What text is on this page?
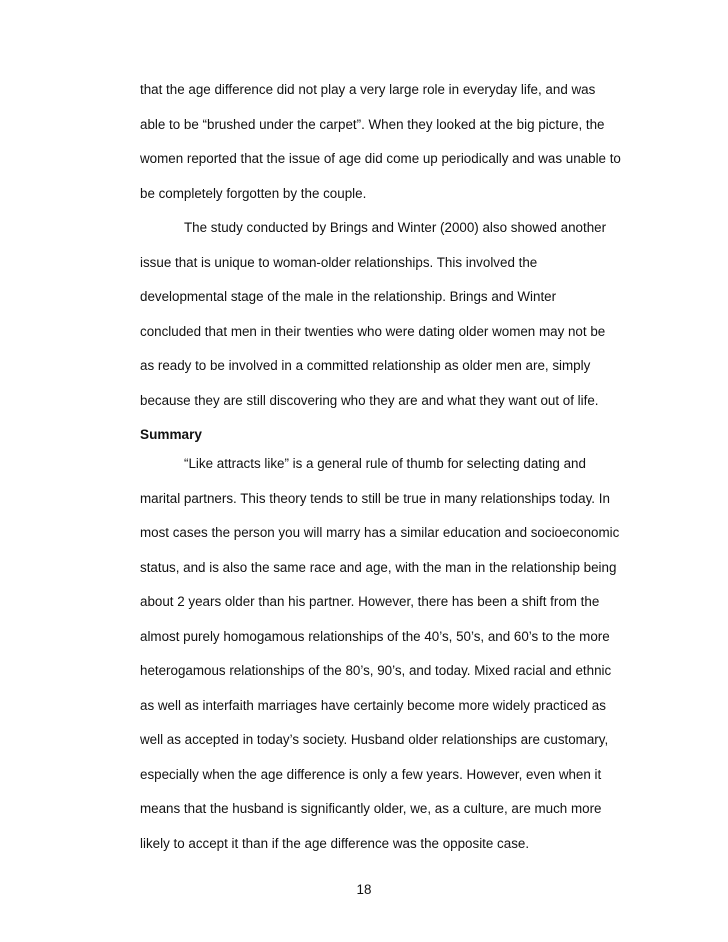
that the age difference did not play a very large role in everyday life, and was
able to be “brushed under the carpet”. When they looked at the big picture, the
women reported that the issue of age did come up periodically and was unable to
be completely forgotten by the couple.
The study conducted by Brings and Winter (2000) also showed another
issue that is unique to woman-older relationships. This involved the
developmental stage of the male in the relationship. Brings and Winter
concluded that men in their twenties who were dating older women may not be
as ready to be involved in a committed relationship as older men are, simply
because they are still discovering who they are and what they want out of life.
Summary
“Like attracts like” is a general rule of thumb for selecting dating and
marital partners. This theory tends to still be true in many relationships today. In
most cases the person you will marry has a similar education and socioeconomic
status, and is also the same race and age, with the man in the relationship being
about 2 years older than his partner. However, there has been a shift from the
almost purely homogamous relationships of the 40’s, 50’s, and 60’s to the more
heterogamous relationships of the 80’s, 90’s, and today. Mixed racial and ethnic
as well as interfaith marriages have certainly become more widely practiced as
well as accepted in today’s society. Husband older relationships are customary,
especially when the age difference is only a few years. However, even when it
means that the husband is significantly older, we, as a culture, are much more
likely to accept it than if the age difference was the opposite case.
18
